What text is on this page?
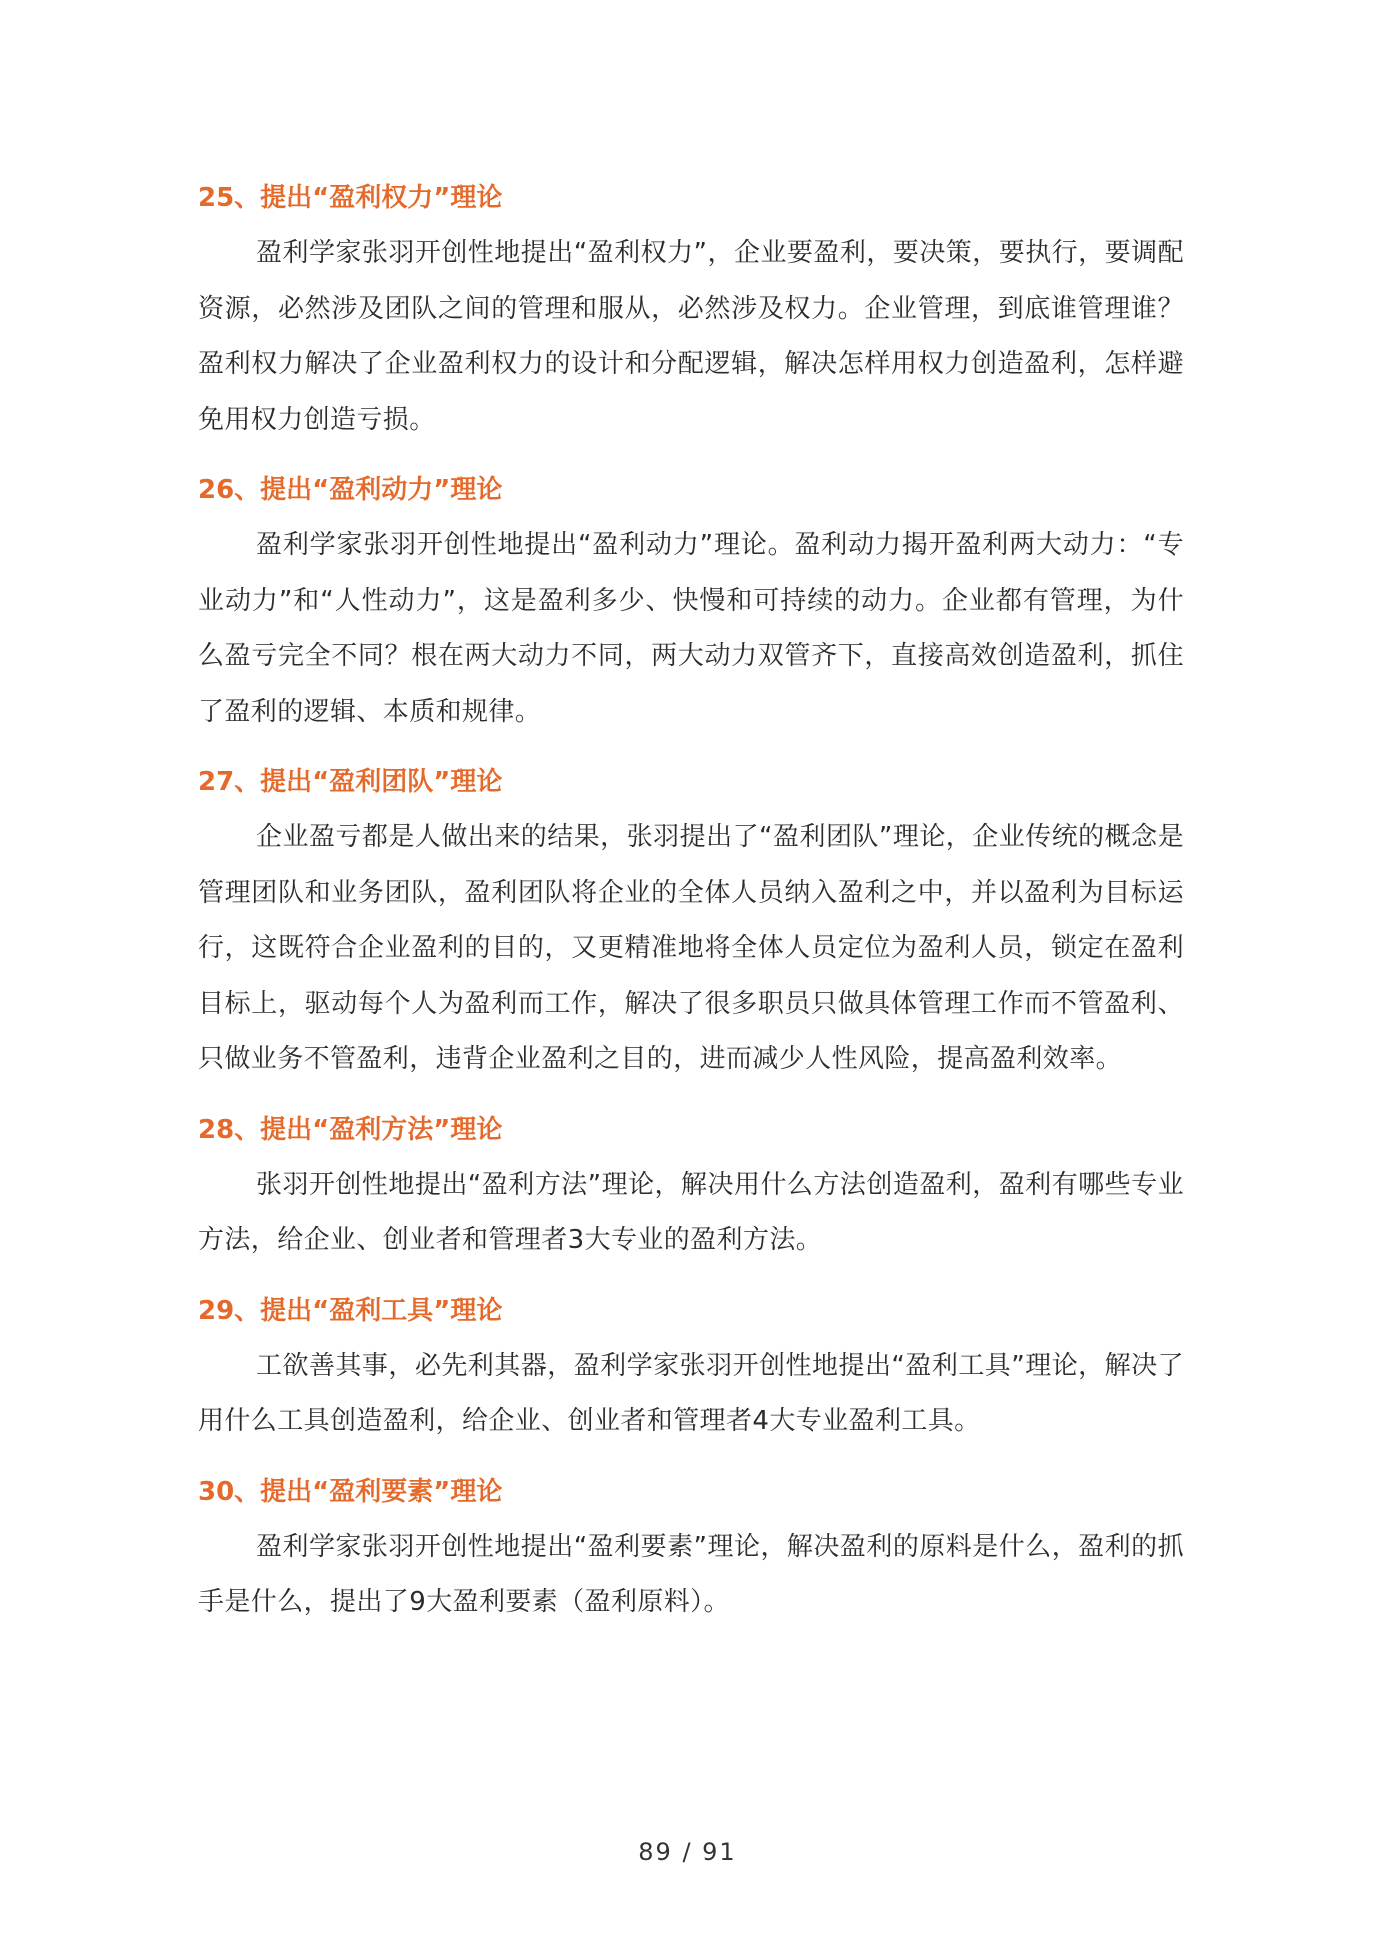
25、提出“盈利权力”理论

盈利学家张羽开创性地提出“盈利权力”，企业要盈利，要决策，要执行，要调配资源，必然涉及团队之间的管理和服从，必然涉及权力。企业管理，到底谁管理谁？盈利权力解决了企业盈利权力的设计和分配逻辑，解决怎样用权力创造盈利，怎样避免用权力创造亏损。

26、提出“盈利动力”理论

盈利学家张羽开创性地提出“盈利动力”理论。盈利动力揭开盈利两大动力：“专业动力”和“人性动力”，这是盈利多少、快慢和可持续的动力。企业都有管理，为什么盈亏完全不同？根在两大动力不同，两大动力双管齐下，直接高效创造盈利，抓住了盈利的逻辑、本质和规律。

27、提出“盈利团队”理论

企业盈亏都是人做出来的结果，张羽提出了“盈利团队”理论，企业传统的概念是管理团队和业务团队，盈利团队将企业的全体人员纳入盈利之中，并以盈利为目标运行，这既符合企业盈利的目的，又更精准地将全体人员定位为盈利人员，锁定在盈利目标上，驱动每个人为盈利而工作，解决了很多职员只做具体管理工作而不管盈利、只做业务不管盈利，违背企业盈利之目的，进而减少人性风险，提高盈利效率。

28、提出“盈利方法”理论

张羽开创性地提出“盈利方法”理论，解决用什么方法创造盈利，盈利有哪些专业方法，给企业、创业者和管理者3大专业的盈利方法。

29、提出“盈利工具”理论

工欲善其事，必先利其器，盈利学家张羽开创性地提出“盈利工具”理论，解决了用什么工具创造盈利，给企业、创业者和管理者4大专业盈利工具。

30、提出“盈利要素”理论

盈利学家张羽开创性地提出“盈利要素”理论，解决盈利的原料是什么，盈利的抓手是什么，提出了9大盈利要素（盈利原料）。

89 / 91
